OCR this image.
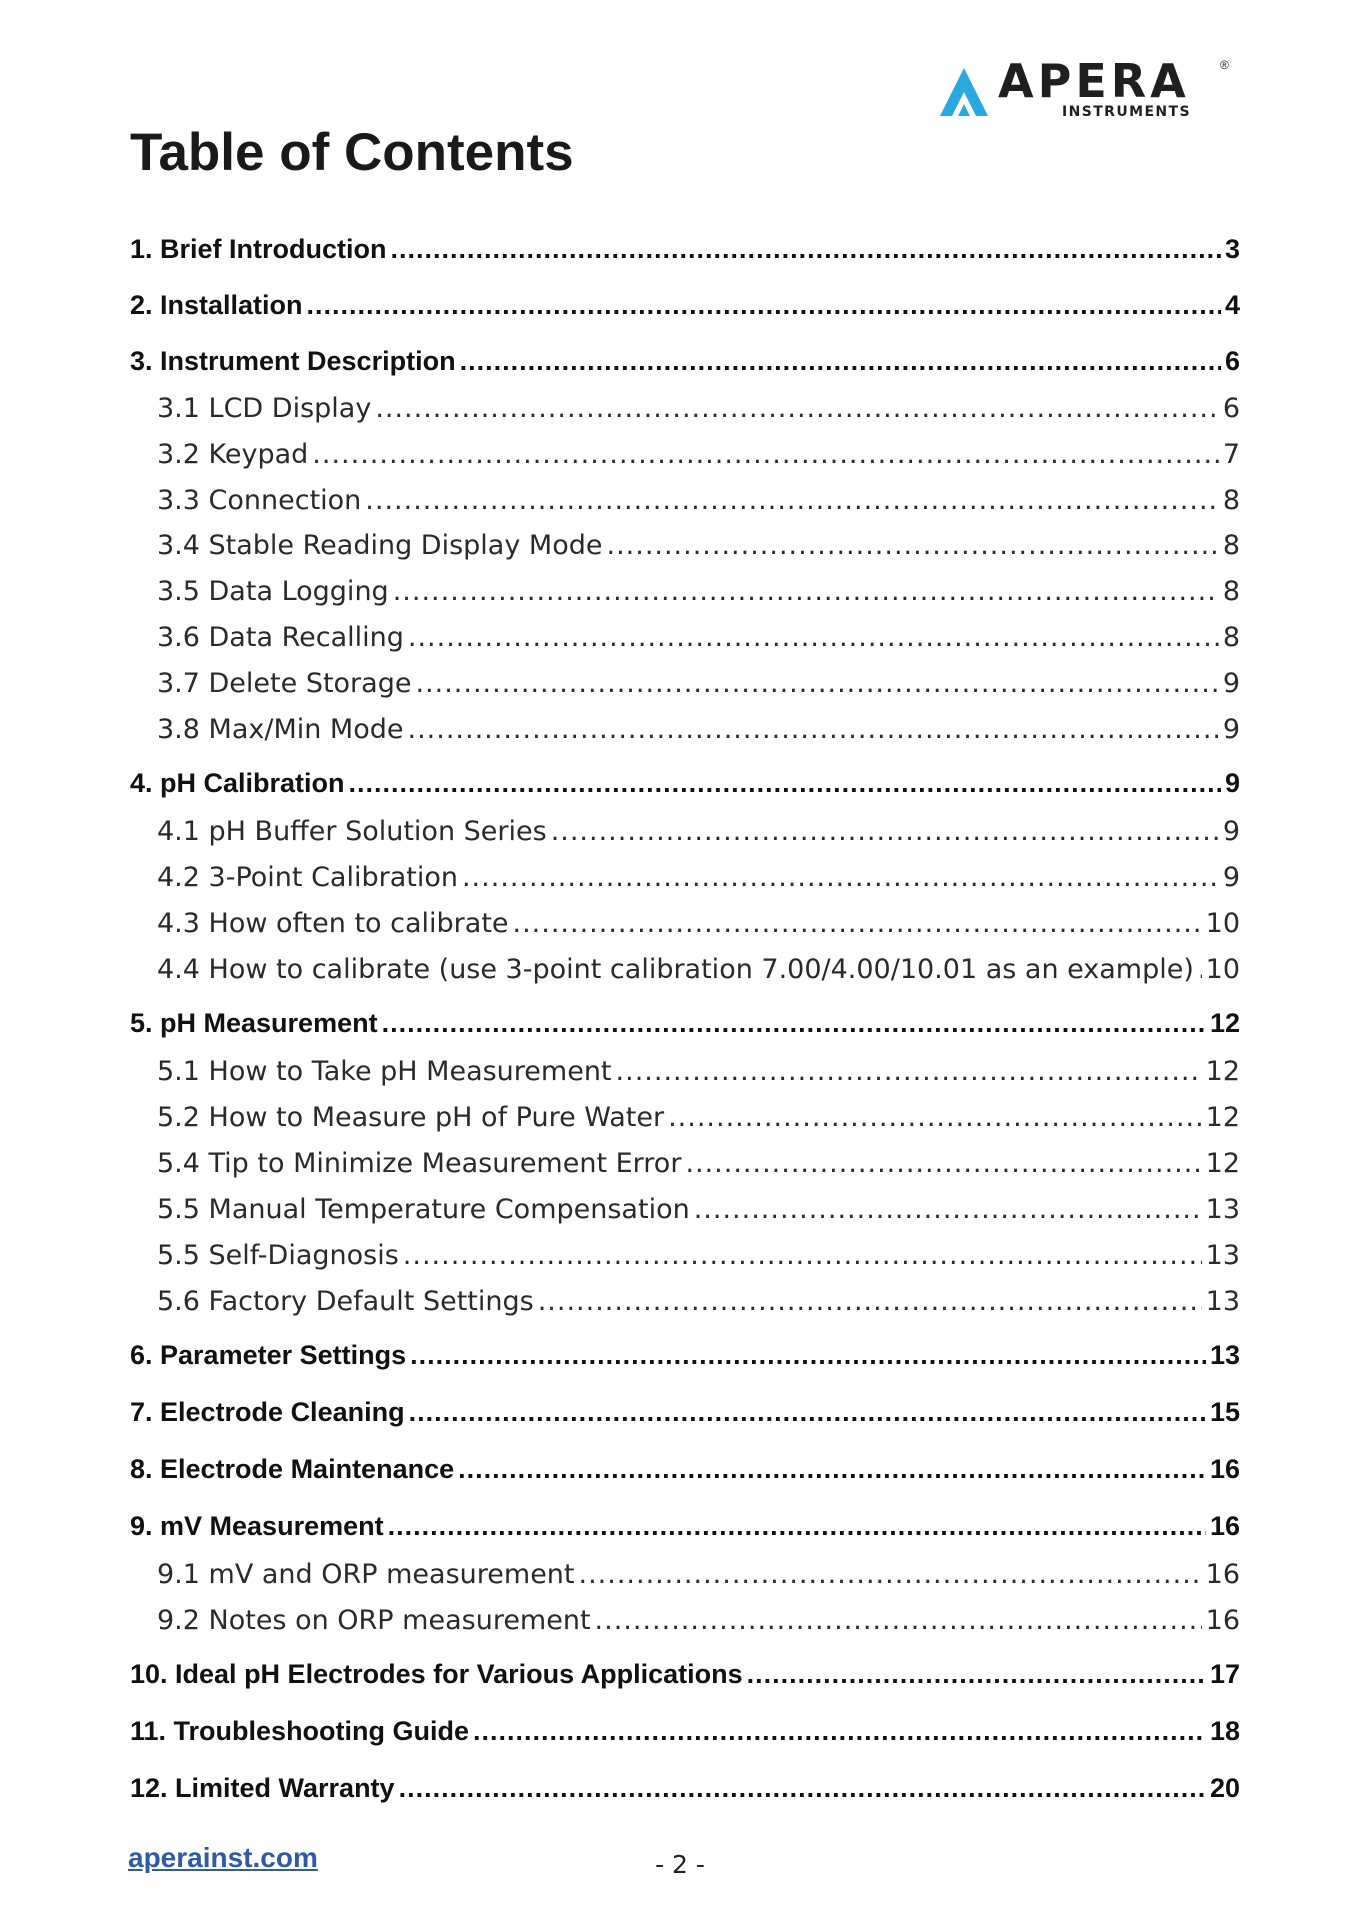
APERA	®
INSTRUMENTS
Table of Contents
1. Brief Introduction .....	3
2. Installation .....	4
3. Instrument Description .....	6
3.1 LCD Display .....	6
3.2 Keypad .....	7
3.3 Connection .....	8
3.4 Stable Reading Display Mode .....	8
3.5 Data Logging .....	8
3.6 Data Recalling .....	8
3.7 Delete Storage .....	9
3.8 Max/Min Mode .....	9
4. pH Calibration .....	9
4.1 pH Buffer Solution Series .....	9
4.2 3-Point Calibration .....	9
4.3 How often to calibrate .....	10
4.4 How to calibrate (use 3-point calibration 7.00/4.00/10.01 as an example) ..... 10
5. pH Measurement .....	12
5.1 How to Take pH Measurement .....	12
5.2 How to Measure pH of Pure Water .....	12
5.4 Tip to Minimize Measurement Error .....	12
5.5 Manual Temperature Compensation .....	13
5.5 Self-Diagnosis .....	13
5.6 Factory Default Settings .....	13
6. Parameter Settings .....	13
7. Electrode Cleaning .....	15
8. Electrode Maintenance .....	16
9. mV Measurement .....	16
9.1 mV and ORP measurement .....	16
9.2 Notes on ORP measurement .....	16
10. Ideal pH Electrodes for Various Applications .....	17
11. Troubleshooting Guide .....	18
12. Limited Warranty .....	20
aperainst.com	- 2 -
